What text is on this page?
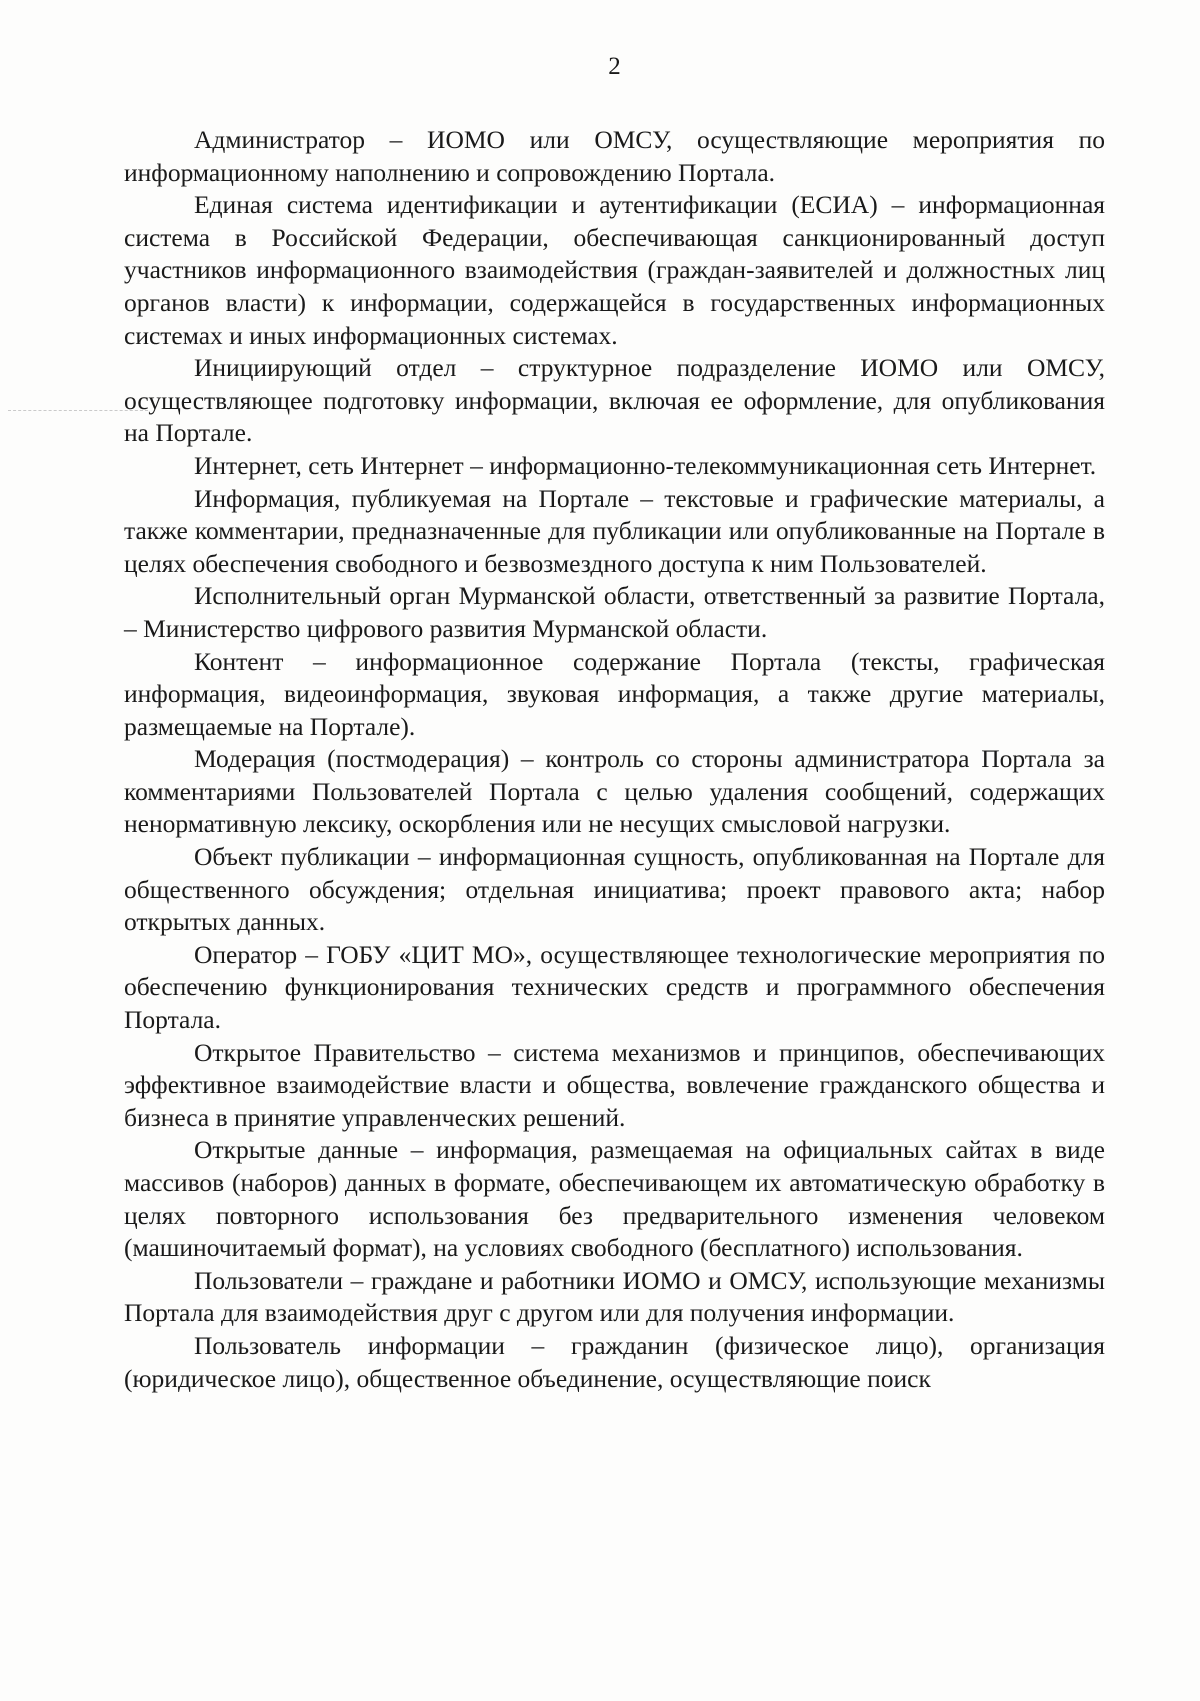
2

Администратор – ИОМО или ОМСУ, осуществляющие мероприятия по информационному наполнению и сопровождению Портала.

Единая система идентификации и аутентификации (ЕСИА) – информационная система в Российской Федерации, обеспечивающая санкционированный доступ участников информационного взаимодействия (граждан-заявителей и должностных лиц органов власти) к информации, содержащейся в государственных информационных системах и иных информационных системах.

Инициирующий отдел – структурное подразделение ИОМО или ОМСУ, осуществляющее подготовку информации, включая ее оформление, для опубликования на Портале.

Интернет, сеть Интернет – информационно-телекоммуникационная сеть Интернет.

Информация, публикуемая на Портале – текстовые и графические материалы, а также комментарии, предназначенные для публикации или опубликованные на Портале в целях обеспечения свободного и безвозмездного доступа к ним Пользователей.

Исполнительный орган Мурманской области, ответственный за развитие Портала, – Министерство цифрового развития Мурманской области.

Контент – информационное содержание Портала (тексты, графическая информация, видеоинформация, звуковая информация, а также другие материалы, размещаемые на Портале).

Модерация (постмодерация) – контроль со стороны администратора Портала за комментариями Пользователей Портала с целью удаления сообщений, содержащих ненормативную лексику, оскорбления или не несущих смысловой нагрузки.

Объект публикации – информационная сущность, опубликованная на Портале для общественного обсуждения; отдельная инициатива; проект правового акта; набор открытых данных.

Оператор – ГОБУ «ЦИТ МО», осуществляющее технологические мероприятия по обеспечению функционирования технических средств и программного обеспечения Портала.

Открытое Правительство – система механизмов и принципов, обеспечивающих эффективное взаимодействие власти и общества, вовлечение гражданского общества и бизнеса в принятие управленческих решений.

Открытые данные – информация, размещаемая на официальных сайтах в виде массивов (наборов) данных в формате, обеспечивающем их автоматическую обработку в целях повторного использования без предварительного изменения человеком (машиночитаемый формат), на условиях свободного (бесплатного) использования.

Пользователи – граждане и работники ИОМО и ОМСУ, использующие механизмы Портала для взаимодействия друг с другом или для получения информации.

Пользователь информации – гражданин (физическое лицо), организация (юридическое лицо), общественное объединение, осуществляющие поиск
